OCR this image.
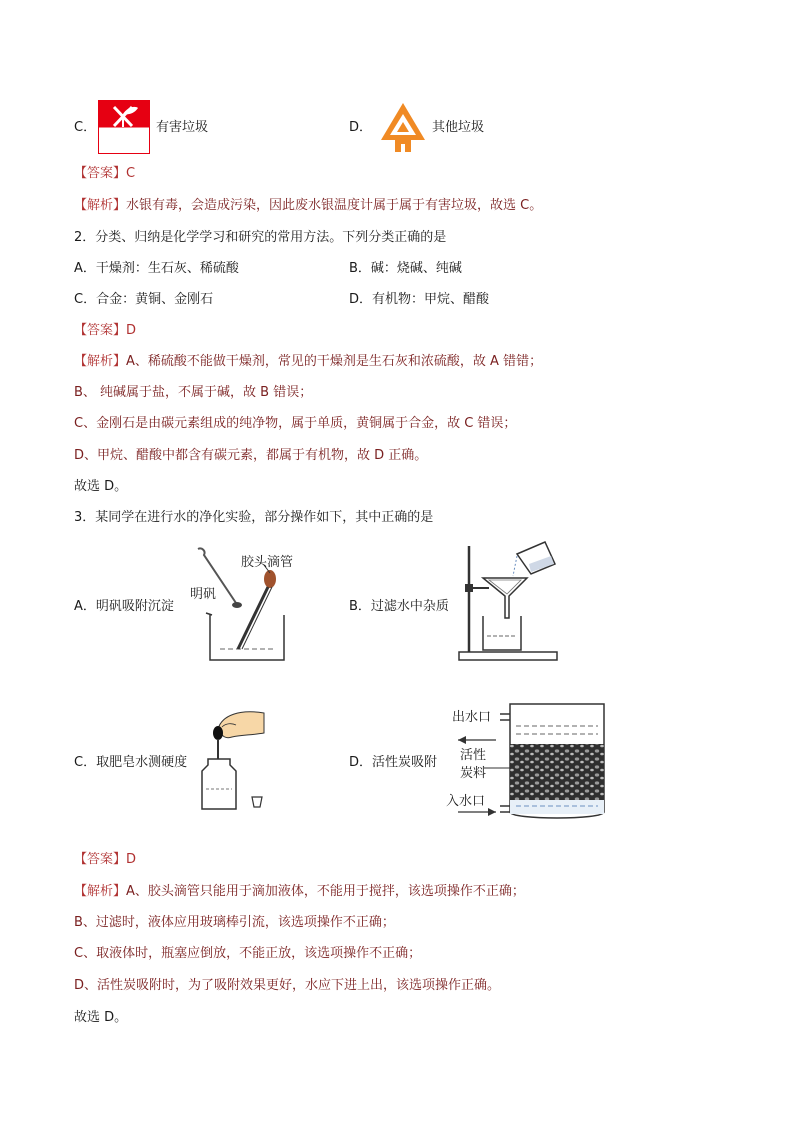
C．	有害垃圾	D．	其他垃圾
【答案】C
【解析】水银有毒，会造成污染，因此废水银温度计属于属于有害垃圾，故选 C。
2．分类、归纳是化学学习和研究的常用方法。下列分类正确的是
A．干燥剂：生石灰、稀硫酸	B．碱：烧碱、纯碱
C．合金：黄铜、金刚石	D．有机物：甲烷、醋酸
【答案】D
【解析】A、稀硫酸不能做干燥剂，常见的干燥剂是生石灰和浓硫酸，故 A 错错；
B、 纯碱属于盐，不属于碱，故 B 错误；
C、金刚石是由碳元素组成的纯净物，属于单质，黄铜属于合金，故 C 错误；
D、甲烷、醋酸中都含有碳元素，都属于有机物，故 D 正确。
故选 D。
3．某同学在进行水的净化实验，部分操作如下，其中正确的是
A．明矾吸附沉淀
胶头滴管
明矾
B．过滤水中杂质
C．取肥皂水测硬度	D．活性炭吸附
出水口
活性
炭料
入水口
【答案】D
【解析】A、胶头滴管只能用于滴加液体，不能用于搅拌，该选项操作不正确；
B、过滤时，液体应用玻璃棒引流，该选项操作不正确；
C、取液体时，瓶塞应倒放，不能正放，该选项操作不正确；
D、活性炭吸附时，为了吸附效果更好，水应下进上出，该选项操作正确。
故选 D。
